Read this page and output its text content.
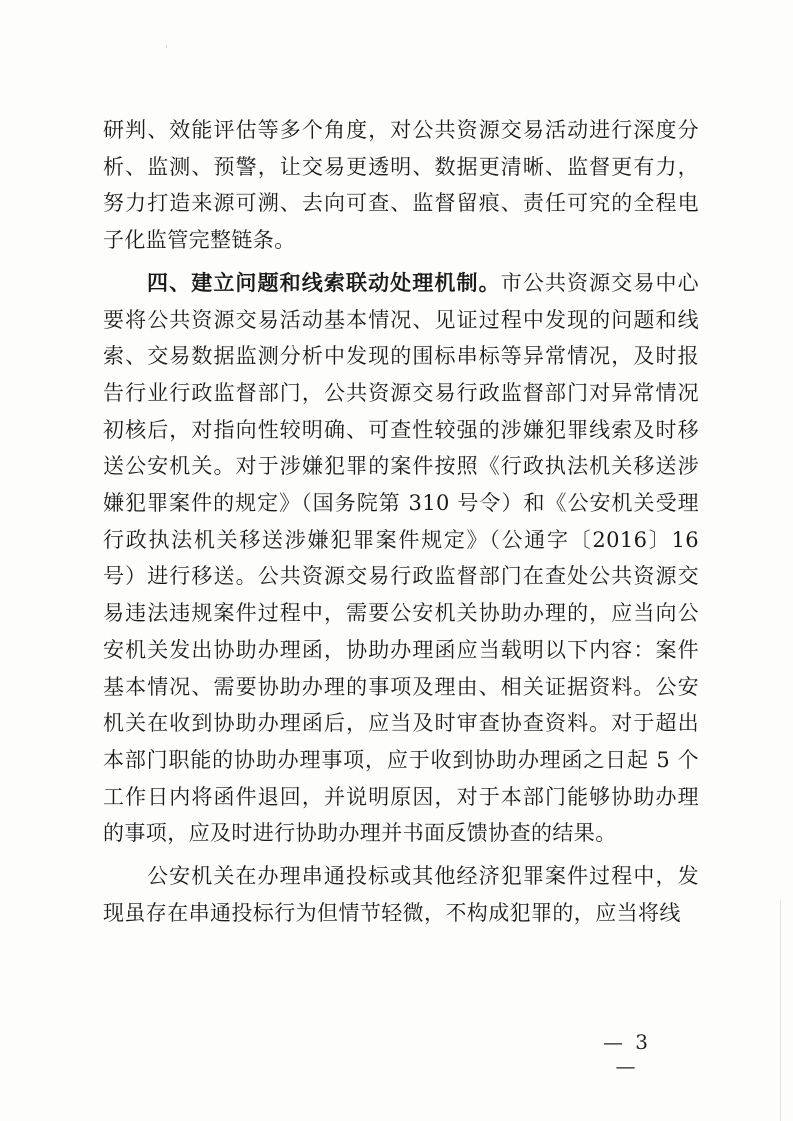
研判、效能评估等多个角度，对公共资源交易活动进行深度分析、监测、预警，让交易更透明、数据更清晰、监督更有力，努力打造来源可溯、去向可查、监督留痕、责任可究的全程电子化监管完整链条。

四、建立问题和线索联动处理机制。市公共资源交易中心要将公共资源交易活动基本情况、见证过程中发现的问题和线索、交易数据监测分析中发现的围标串标等异常情况，及时报告行业行政监督部门，公共资源交易行政监督部门对异常情况初核后，对指向性较明确、可查性较强的涉嫌犯罪线索及时移送公安机关。对于涉嫌犯罪的案件按照《行政执法机关移送涉嫌犯罪案件的规定》（国务院第 310 号令）和《公安机关受理行政执法机关移送涉嫌犯罪案件规定》（公通字〔2016〕16 号）进行移送。公共资源交易行政监督部门在查处公共资源交易违法违规案件过程中，需要公安机关协助办理的，应当向公安机关发出协助办理函，协助办理函应当载明以下内容：案件基本情况、需要协助办理的事项及理由、相关证据资料。公安机关在收到协助办理函后，应当及时审查协查资料。对于超出本部门职能的协助办理事项，应于收到协助办理函之日起 5 个工作日内将函件退回，并说明原因，对于本部门能够协助办理的事项，应及时进行协助办理并书面反馈协查的结果。

公安机关在办理串通投标或其他经济犯罪案件过程中，发现虽存在串通投标行为但情节轻微，不构成犯罪的，应当将线

— 3 —
